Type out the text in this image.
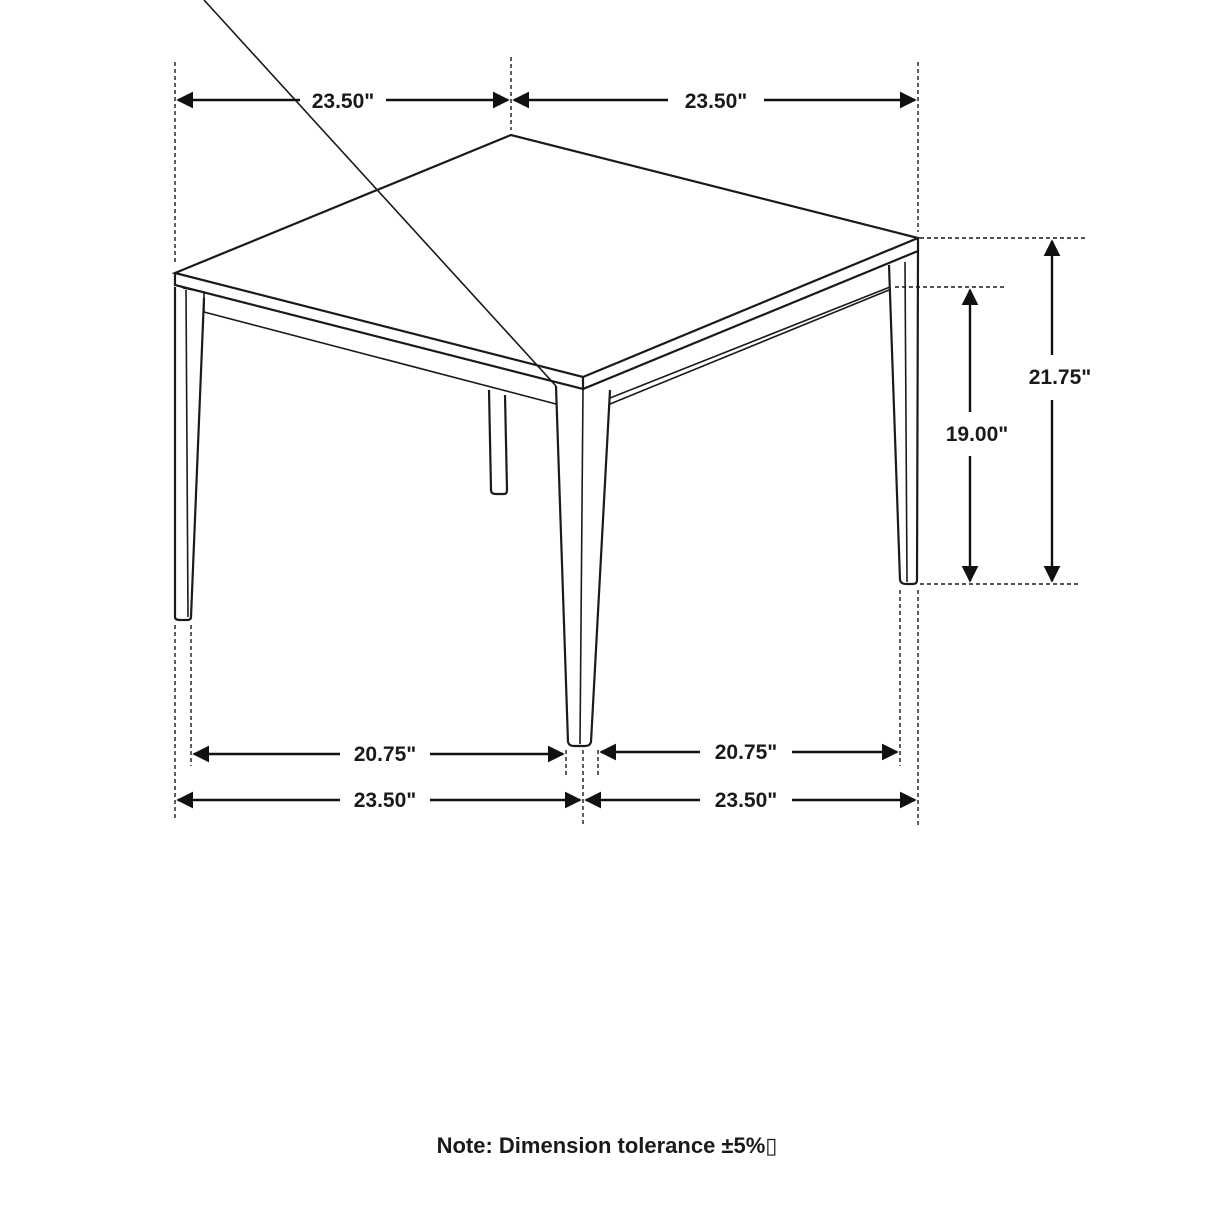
23.50"	23.50"
21.75"
19.00"
20.75"	20.75"
23.50"	23.50"
Note: Dimension tolerance ±5%▯
